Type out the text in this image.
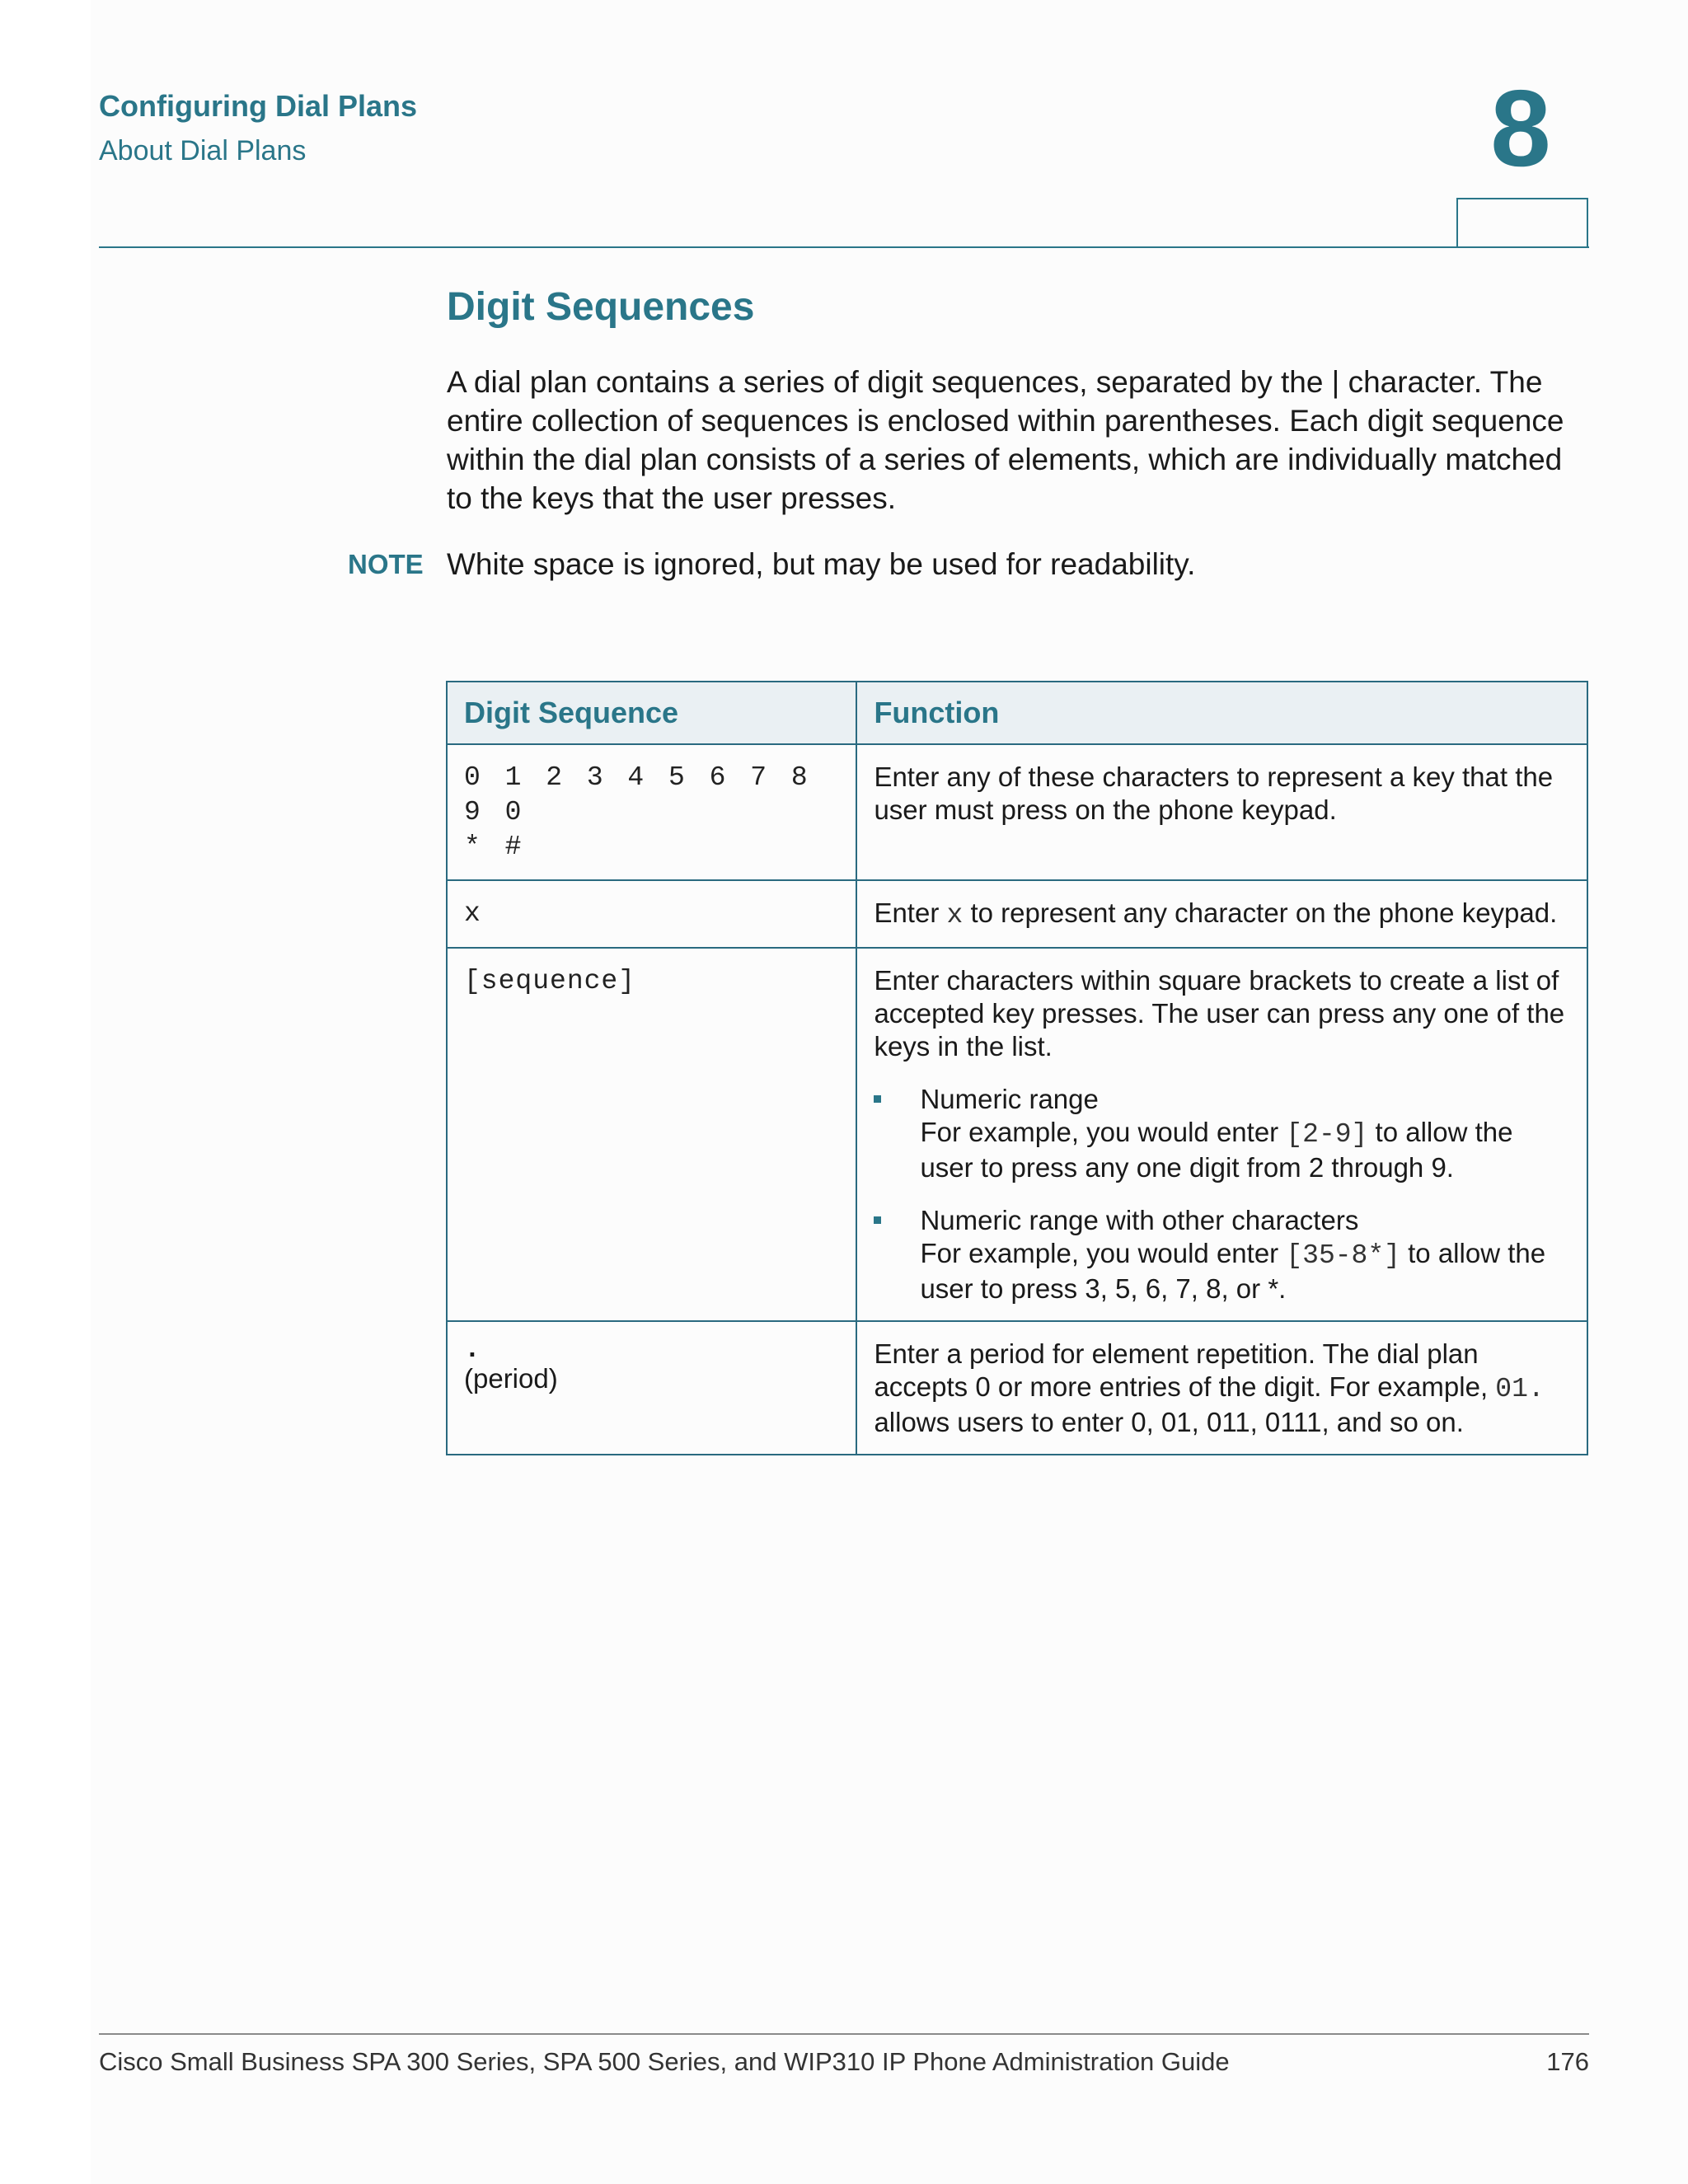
Configuring Dial Plans
About Dial Plans	8
Digit Sequences
A dial plan contains a series of digit sequences, separated by the | character. The entire collection of sequences is enclosed within parentheses. Each digit sequence within the dial plan consists of a series of elements, which are individually matched to the keys that the user presses.
NOTE White space is ignored, but may be used for readability.
Digit Sequence	Function

0 1 2 3 4 5 6 7 8 9 0
* #	Enter any of these characters to represent a key that the user must press on the phone keypad.

x	Enter x to represent any character on the phone keypad.

[sequence]	Enter characters within square brackets to create a list of accepted key presses. The user can press any one of the keys in the list.
Numeric range
For example, you would enter [2-9] to allow the user to press any one digit from 2 through 9.
Numeric range with other characters
For example, you would enter [35-8*] to allow the user to press 3, 5, 6, 7, 8, or *.

.
(period)	Enter a period for element repetition. The dial plan accepts 0 or more entries of the digit. For example, 01. allows users to enter 0, 01, 011, 0111, and so on.
Cisco Small Business SPA 300 Series, SPA 500 Series, and WIP310 IP Phone Administration Guide	176
